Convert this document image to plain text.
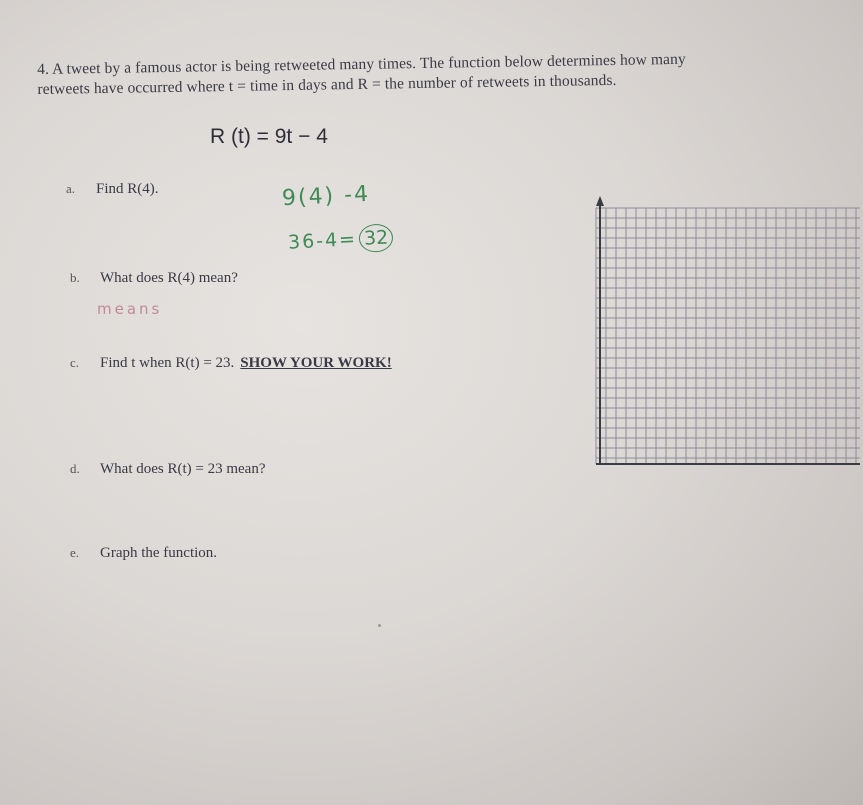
4. A tweet by a famous actor is being retweeted many times. The function below determines how many
retweets have occurred where t = time in days and R = the number of retweets in thousands.
R (t) = 9t − 4
a. Find R(4).	9(4) -4
36-4= 32
b. What does R(4) mean?
means
c. Find t when R(t) = 23. SHOW YOUR WORK!
d. What does R(t) = 23 mean?
e. Graph the function.
